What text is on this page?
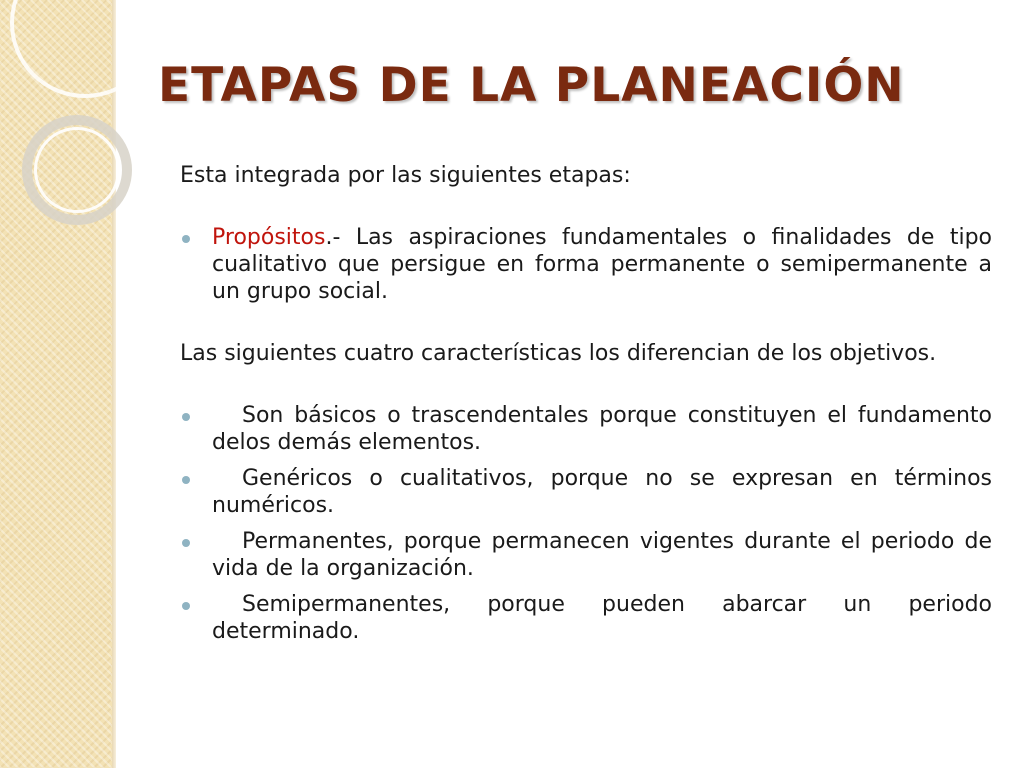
ETAPAS DE LA PLANEACIÓN

Esta integrada por las siguientes etapas:

Propósitos.- Las aspiraciones fundamentales o finalidades de tipo cualitativo que persigue en forma permanente o semipermanente a un grupo social.

Las siguientes cuatro características los diferencian de los objetivos.

Son básicos o trascendentales porque constituyen el fundamento delos demás elementos.
Genéricos o cualitativos, porque no se expresan en términos numéricos.
Permanentes, porque permanecen vigentes durante el periodo de vida de la organización.
Semipermanentes, porque pueden abarcar un periodo determinado.
